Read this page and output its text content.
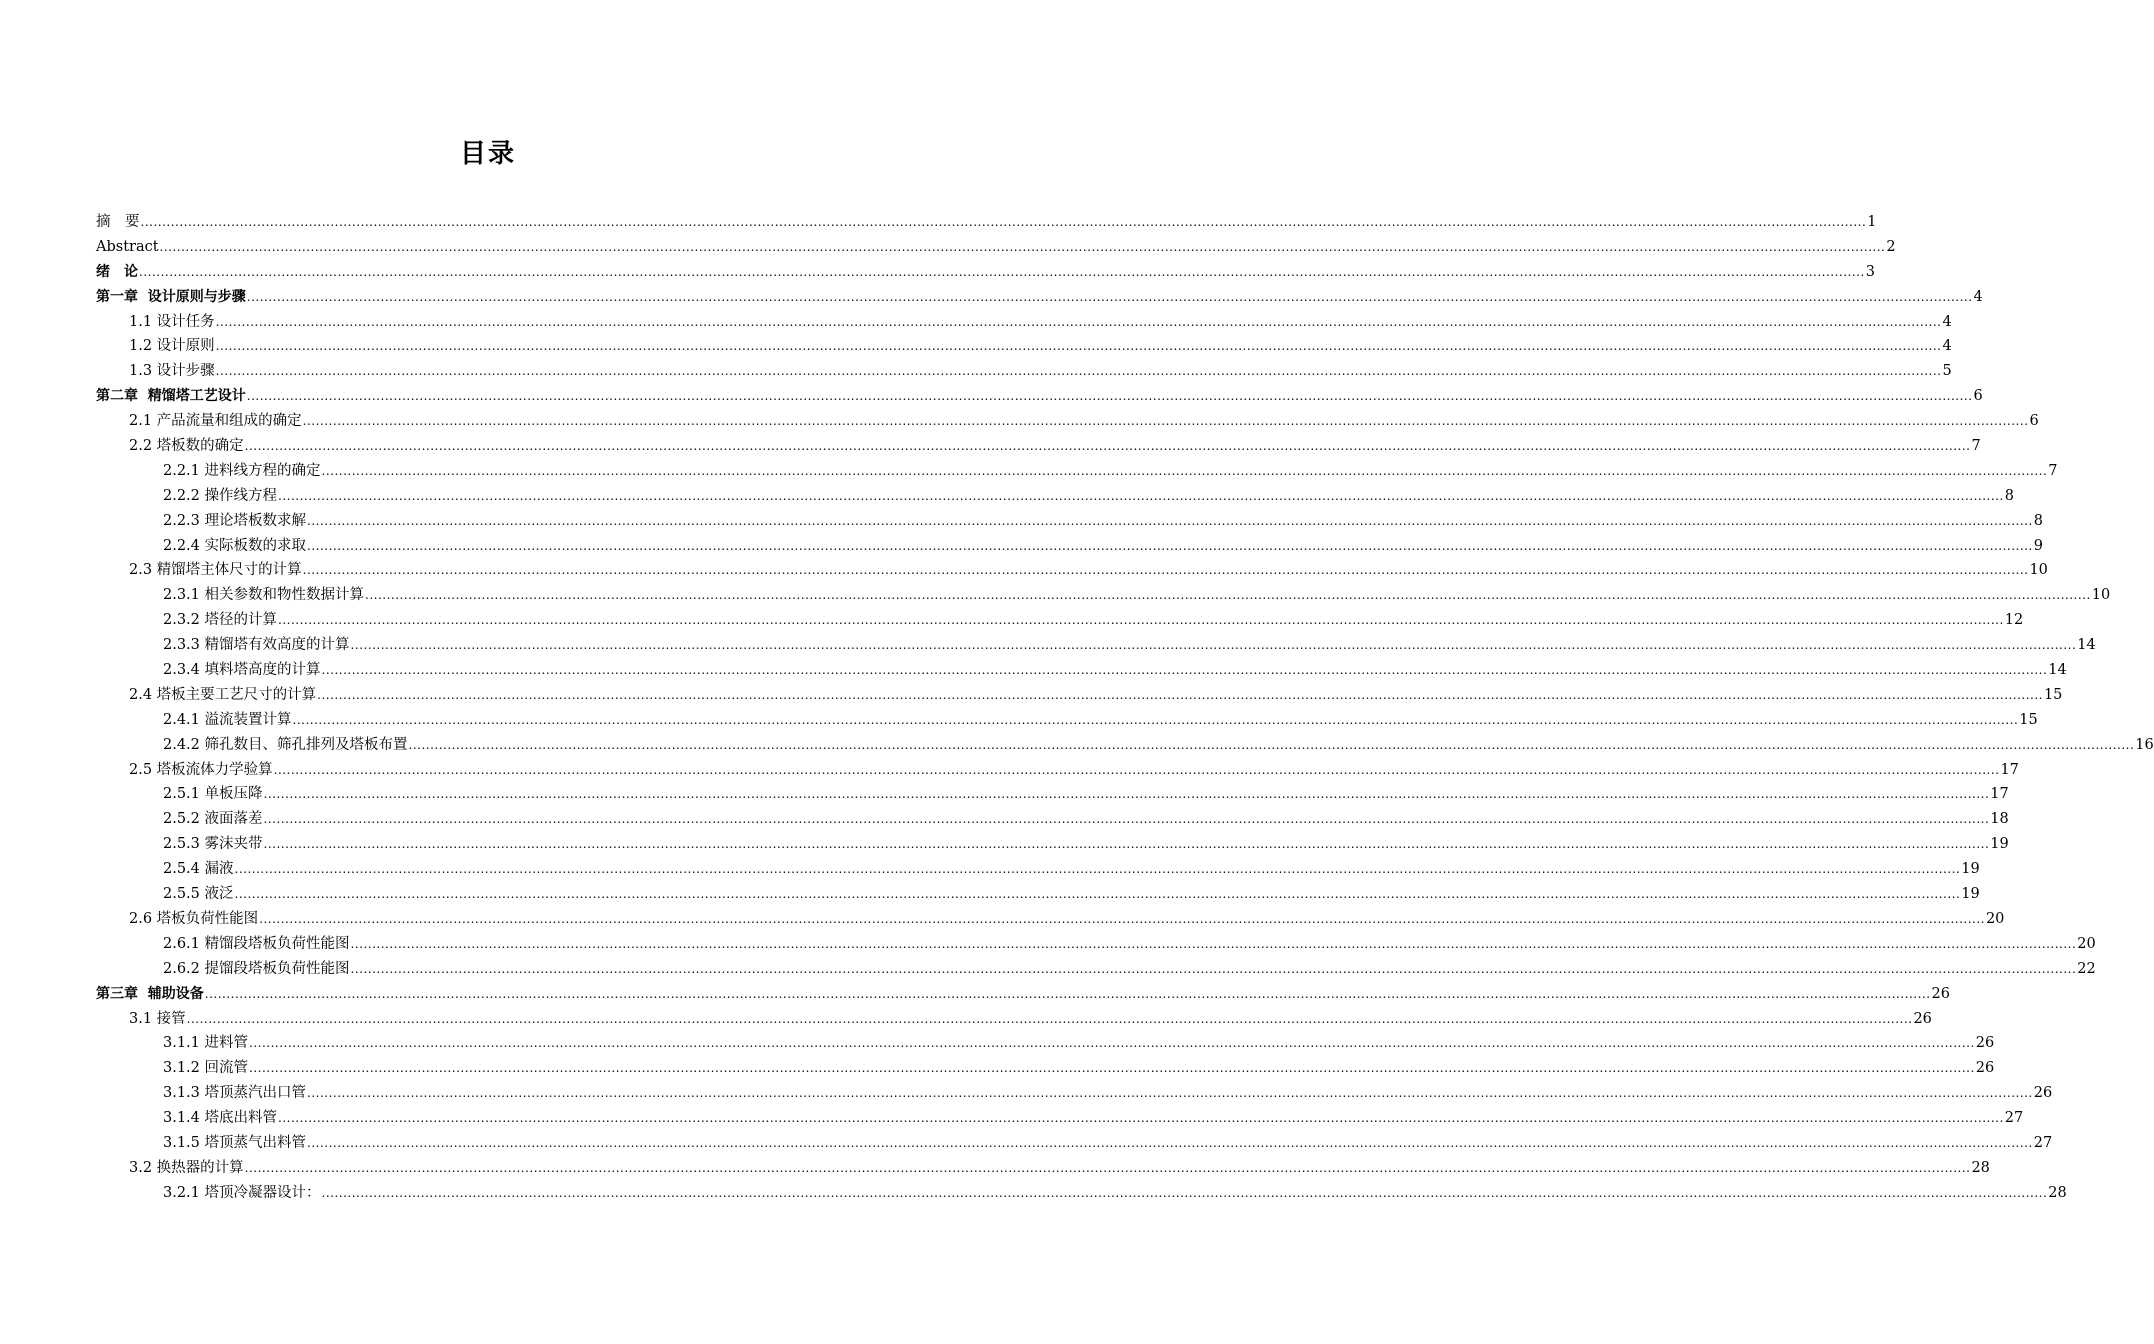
目录
摘　要 ................................................................................................................................................................................................................................................................................................................................................................................................................ 1
Abstract ................................................................................................................................................................................................................................................................................................................................................................................................................ 2
绪　论 ................................................................................................................................................................................................................................................................................................................................................................................................................ 3
第一章  设计原则与步骤 ................................................................................................................................................................................................................................................................................................................................................................................................................ 4
1.1 设计任务 ................................................................................................................................................................................................................................................................................................................................................................................................................ 4
1.2 设计原则 ................................................................................................................................................................................................................................................................................................................................................................................................................ 4
1.3 设计步骤 ................................................................................................................................................................................................................................................................................................................................................................................................................ 5
第二章  精馏塔工艺设计 ................................................................................................................................................................................................................................................................................................................................................................................................................ 6
2.1 产品流量和组成的确定 ................................................................................................................................................................................................................................................................................................................................................................................................................ 6
2.2 塔板数的确定 ................................................................................................................................................................................................................................................................................................................................................................................................................ 7
2.2.1 进料线方程的确定 ................................................................................................................................................................................................................................................................................................................................................................................................................ 7
2.2.2 操作线方程 ................................................................................................................................................................................................................................................................................................................................................................................................................ 8
2.2.3 理论塔板数求解 ................................................................................................................................................................................................................................................................................................................................................................................................................ 8
2.2.4 实际板数的求取 ................................................................................................................................................................................................................................................................................................................................................................................................................ 9
2.3 精馏塔主体尺寸的计算 ................................................................................................................................................................................................................................................................................................................................................................................................................ 10
2.3.1 相关参数和物性数据计算 ................................................................................................................................................................................................................................................................................................................................................................................................................ 10
2.3.2 塔径的计算 ................................................................................................................................................................................................................................................................................................................................................................................................................ 12
2.3.3 精馏塔有效高度的计算 ................................................................................................................................................................................................................................................................................................................................................................................................................ 14
2.3.4 填料塔高度的计算 ................................................................................................................................................................................................................................................................................................................................................................................................................ 14
2.4 塔板主要工艺尺寸的计算 ................................................................................................................................................................................................................................................................................................................................................................................................................ 15
2.4.1 溢流装置计算 ................................................................................................................................................................................................................................................................................................................................................................................................................ 15
2.4.2 筛孔数目、筛孔排列及塔板布置 ................................................................................................................................................................................................................................................................................................................................................................................................................ 16
2.5 塔板流体力学验算 ................................................................................................................................................................................................................................................................................................................................................................................................................ 17
2.5.1 单板压降 ................................................................................................................................................................................................................................................................................................................................................................................................................ 17
2.5.2 液面落差 ................................................................................................................................................................................................................................................................................................................................................................................................................ 18
2.5.3 雾沫夹带 ................................................................................................................................................................................................................................................................................................................................................................................................................ 19
2.5.4 漏液 ................................................................................................................................................................................................................................................................................................................................................................................................................ 19
2.5.5 液泛 ................................................................................................................................................................................................................................................................................................................................................................................................................ 19
2.6 塔板负荷性能图 ................................................................................................................................................................................................................................................................................................................................................................................................................ 20
2.6.1 精馏段塔板负荷性能图 ................................................................................................................................................................................................................................................................................................................................................................................................................ 20
2.6.2 提馏段塔板负荷性能图 ................................................................................................................................................................................................................................................................................................................................................................................................................ 22
第三章  辅助设备 ................................................................................................................................................................................................................................................................................................................................................................................................................ 26
3.1 接管 ................................................................................................................................................................................................................................................................................................................................................................................................................ 26
3.1.1 进料管 ................................................................................................................................................................................................................................................................................................................................................................................................................ 26
3.1.2 回流管 ................................................................................................................................................................................................................................................................................................................................................................................................................ 26
3.1.3 塔顶蒸汽出口管 ................................................................................................................................................................................................................................................................................................................................................................................................................ 26
3.1.4 塔底出料管 ................................................................................................................................................................................................................................................................................................................................................................................................................ 27
3.1.5 塔顶蒸气出料管 ................................................................................................................................................................................................................................................................................................................................................................................................................ 27
3.2 换热器的计算 ................................................................................................................................................................................................................................................................................................................................................................................................................ 28
3.2.1 塔顶冷凝器设计： ................................................................................................................................................................................................................................................................................................................................................................................................................ 28
